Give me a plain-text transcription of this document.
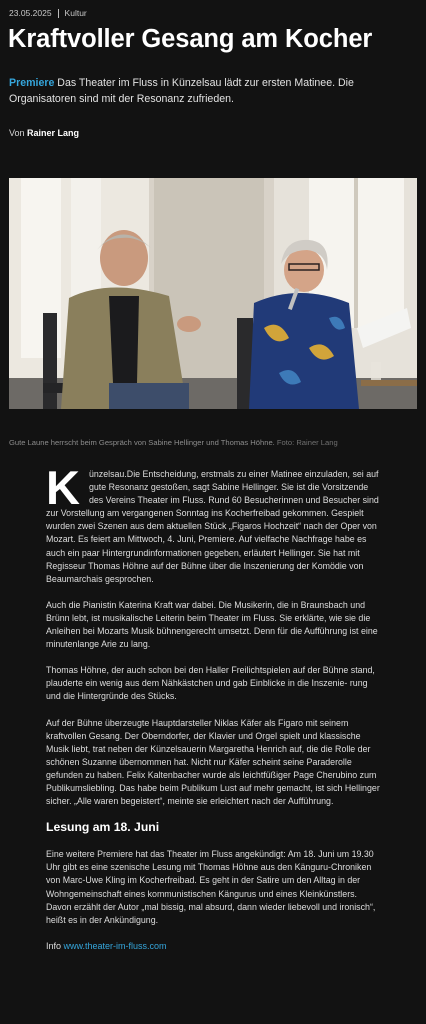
23.05.2025 Kultur
Kraftvoller Gesang am Kocher
Premiere Das Theater im Fluss in Künzelsau lädt zur ersten Matinee. Die Organisatoren sind mit der Resonanz zufrieden.
Von Rainer Lang
Gute Laune herrscht beim Gespräch von Sabine Hellinger und Thomas Höhne. Foto: Rainer Lang

K ünzelsau.Die Entscheidung, erstmals zu einer Matinee einzuladen, sei auf gute Resonanz gestoßen, sagt Sabine Hellinger. Sie ist die Vorsitzende des Vereins Theater im Fluss. Rund 60 Besucherinnen und Besucher sind zur Vorstellung am vergangenen Sonntag ins Kocherfreibad gekommen. Gespielt wurden zwei Szenen aus dem aktuellen Stück „Figaros Hochzeit“ nach der Oper von Mozart. Es feiert am Mittwoch, 4. Juni, Premiere. Auf vielfache Nachfrage habe es auch ein paar Hintergrundinformationen gegeben, erläutert Hellinger. Sie hat mit Regisseur Thomas Höhne auf der Bühne über die Inszenierung der Komödie von Beaumarchais gesprochen.

Auch die Pianistin Katerina Kraft war dabei. Die Musikerin, die in Braunsbach und Brünn lebt, ist musikalische Leiterin beim Theater im Fluss. Sie erklärte, wie sie die Anleihen bei Mozarts Musik bühnengerecht umsetzt. Denn für die Aufführung ist eine minutenlange Arie zu lang.

Thomas Höhne, der auch schon bei den Haller Freilichtspielen auf der Bühne stand, plauderte ein wenig aus dem Nähkästchen und gab Einblicke in die Inszenie- rung und die Hintergründe des Stücks.

Auf der Bühne überzeugte Hauptdarsteller Niklas Käfer als Figaro mit seinem kraftvollen Gesang. Der Oberndorfer, der Klavier und Orgel spielt und klassische Musik liebt, trat neben der Künzelsauerin Margaretha Henrich auf, die die Rolle der schönen Suzanne übernommen hat. Nicht nur Käfer scheint seine Paraderolle gefunden zu haben. Felix Kaltenbacher wurde als leichtfüßiger Page Cherubino zum Publikumsliebling. Das habe beim Publikum Lust auf mehr gemacht, ist sich Hellinger sicher. „Alle waren begeistert“, meinte sie erleichtert nach der Aufführung.

Lesung am 18. Juni

Eine weitere Premiere hat das Theater im Fluss angekündigt: Am 18. Juni um 19.30 Uhr gibt es eine szenische Lesung mit Thomas Höhne aus den Känguru-Chroniken von Marc-Uwe Kling im Kocherfreibad. Es geht in der Satire um den Alltag in der Wohngemeinschaft eines kommunistischen Kängurus und eines Kleinkünstlers. Davon erzählt der Autor „mal bissig, mal absurd, dann wieder liebevoll und ironisch“, heißt es in der Ankündigung.

Info www.theater-im-fluss.com
